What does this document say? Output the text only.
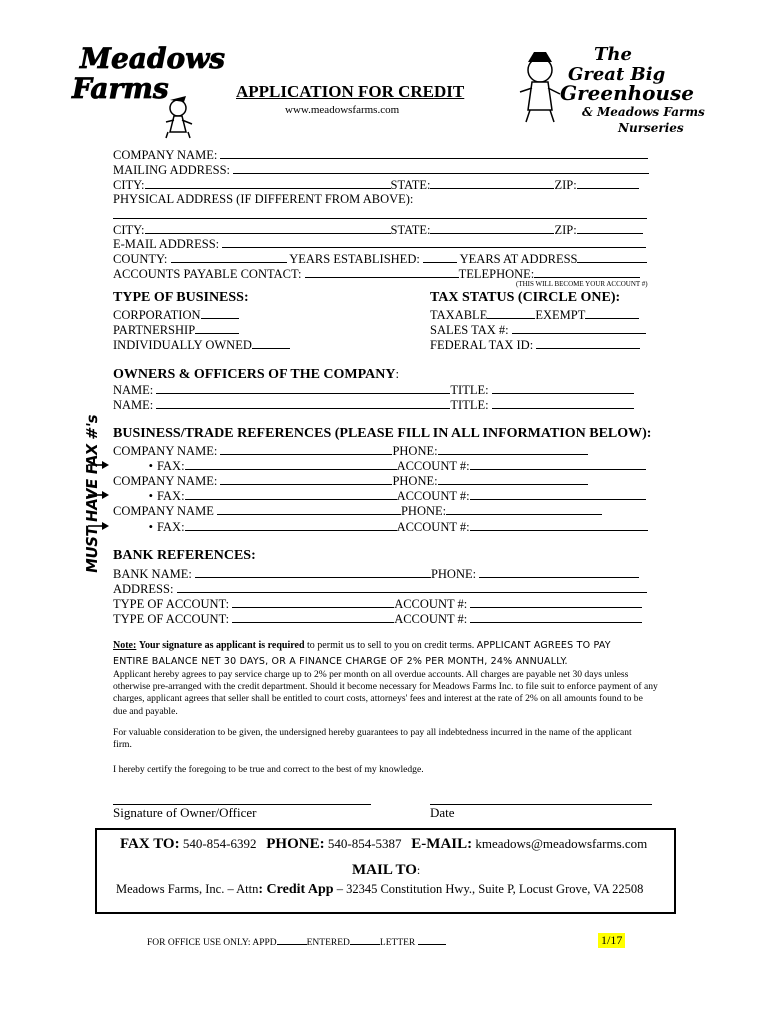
Meadows
Farms	APPLICATION FOR CREDIT
www.meadowsfarms.com
The
Great Big
Greenhouse
& Meadows Farms
Nurseries
COMPANY NAME:
MAILING ADDRESS:
CITY:	STATE:	ZIP:
PHYSICAL ADDRESS (IF DIFFERENT FROM ABOVE):
CITY:	STATE:	ZIP:
E-MAIL ADDRESS:
COUNTY:	YEARS ESTABLISHED:	YEARS AT ADDRESS
ACCOUNTS PAYABLE CONTACT:	TELEPHONE:
(THIS WILL BECOME YOUR ACCOUNT #)
TYPE OF BUSINESS:
CORPORATION
PARTNERSHIP
INDIVIDUALLY OWNED
TAX STATUS (CIRCLE ONE):
TAXABLE	EXEMPT
SALES TAX #:
FEDERAL TAX ID:
OWNERS & OFFICERS OF THE COMPANY:
NAME:	TITLE:
NAME:	TITLE:
BUSINESS/TRADE REFERENCES (PLEASE FILL IN ALL INFORMATION BELOW):
MUST HAVE FAX #'s COMPANY NAME:	PHONE:
• FAX:	ACCOUNT #:
COMPANY NAME:	PHONE:
• FAX:	ACCOUNT #:
COMPANY NAME	PHONE:
• FAX:	ACCOUNT #:
BANK REFERENCES:
BANK NAME:	PHONE:
ADDRESS:
TYPE OF ACCOUNT:	ACCOUNT #:
TYPE OF ACCOUNT:	ACCOUNT #:
Note: Your signature as applicant is required to permit us to sell to you on credit terms. APPLICANT AGREES TO PAY
ENTIRE BALANCE NET 30 DAYS, OR A FINANCE CHARGE OF 2% PER MONTH, 24% ANNUALLY.
Applicant hereby agrees to pay service charge up to 2% per month on all overdue accounts. All charges are payable net 30 days unless otherwise pre-arranged with the credit department. Should it become necessary for Meadows Farms Inc. to file suit to enforce payment of any charges, applicant agrees that seller shall be entitled to court costs, attorneys' fees and interest at the rate of 2% on all amounts found to be due and payable.
For valuable consideration to be given, the undersigned hereby guarantees to pay all indebtedness incurred in the name of the applicant firm.
I hereby certify the foregoing to be true and correct to the best of my knowledge.
Signature of Owner/Officer	Date
FAX TO: 540-854-6392 PHONE: 540-854-5387 E-MAIL: kmeadows@meadowsfarms.com
MAIL TO:
Meadows Farms, Inc. – Attn: Credit App – 32345 Constitution Hwy., Suite P, Locust Grove, VA 22508
FOR OFFICE USE ONLY: APPD	ENTERED	LETTER	1/17
